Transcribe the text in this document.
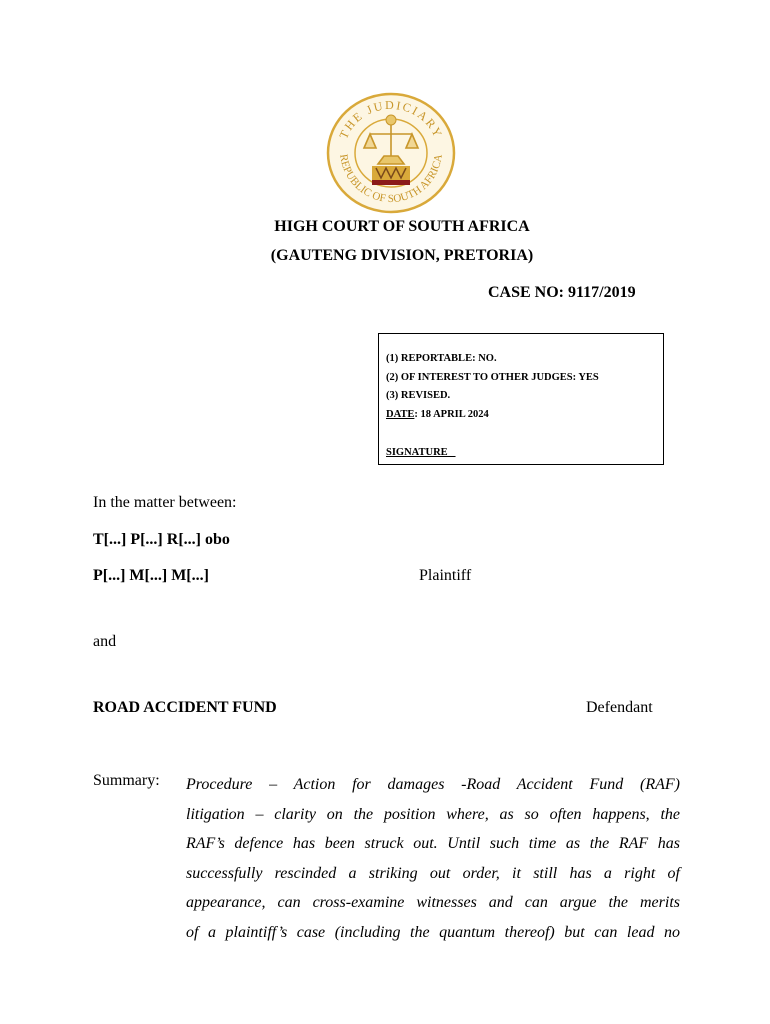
THE JUDICIARY
REPUBLIC OF SOUTH AFRICA
HIGH COURT OF SOUTH AFRICA
(GAUTENG DIVISION, PRETORIA)
CASE NO: 9117/2019
(1) REPORTABLE: NO.
(2) OF INTEREST TO OTHER JUDGES: YES
(3) REVISED.
DATE: 18 APRIL 2024
SIGNATURE
In the matter between:
T[...] P[...] R[...] obo
P[...] M[...] M[...]	Plaintiff
and
ROAD ACCIDENT FUND	Defendant
Summary: Procedure – Action for damages -Road Accident Fund (RAF)
litigation – clarity on the position where, as so often happens, the
RAF’s defence has been struck out. Until such time as the RAF has
successfully rescinded a striking out order, it still has a right of
appearance, can cross-examine witnesses and can argue the merits
of a plaintiff’s case (including the quantum thereof) but can lead no
